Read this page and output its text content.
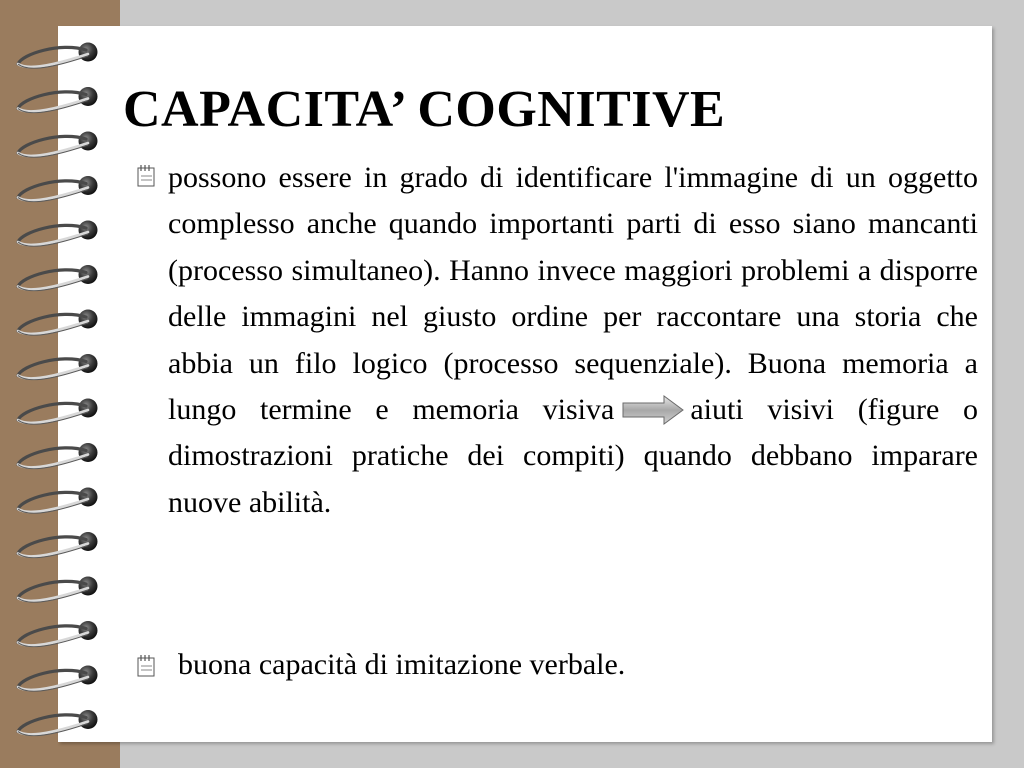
CAPACITA’ COGNITIVE

possono essere in grado di identificare l'immagine di un oggetto complesso anche quando importanti parti di esso siano mancanti (processo simultaneo). Hanno invece maggiori problemi a disporre delle immagini nel giusto ordine per raccontare una storia che abbia un filo logico (processo sequenziale). Buona memoria a lungo termine e memoria visiva	aiuti visivi (figure o dimostrazioni pratiche dei compiti) quando debbano imparare nuove abilità.

buona capacità di imitazione verbale.
